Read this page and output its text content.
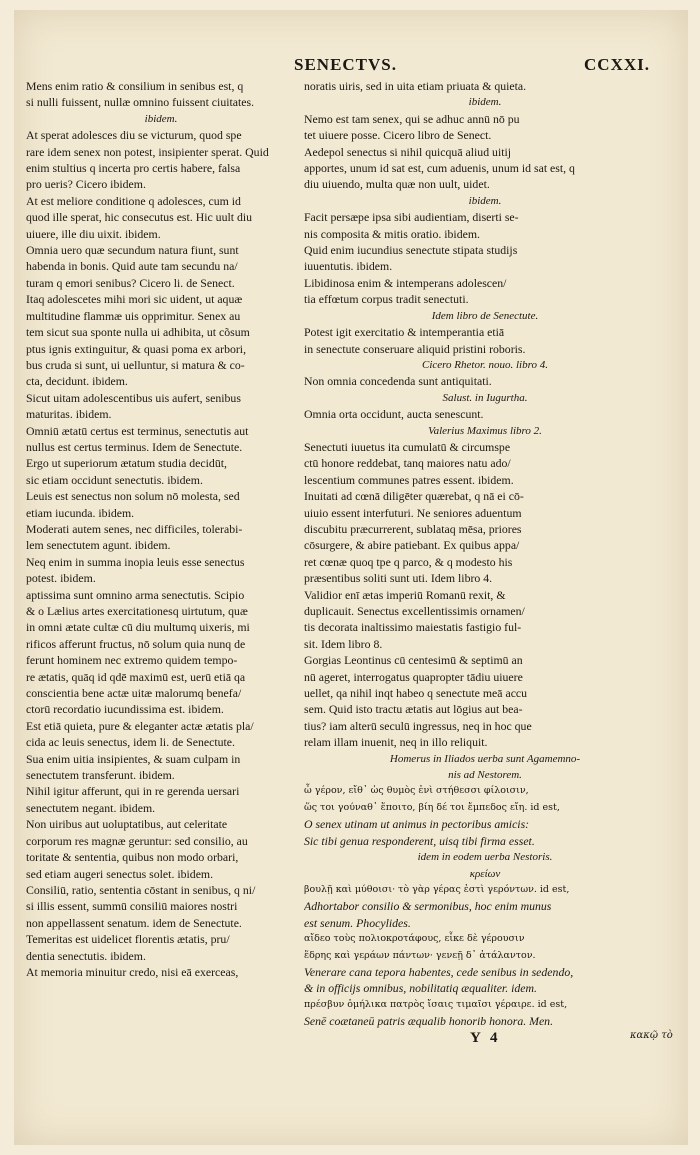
SENECTVS.	CCXXI.
Mens enim ratio & consilium in senibus est, q
si nulli fuissent, nullæ omnino fuissent ciuitates.
ibidem.
At sperat adolesces diu se victurum, quod spe
rare idem senex non potest, insipienter sperat. Quid
enim stultius q incerta pro certis habere, falsa
pro ueris? Cicero ibidem.
At est meliore conditione q adolesces, cum id
quod ille sperat, hic consecutus est. Hic uult diu
uiuere, ille diu uixit. ibidem.
Omnia uero quæ secundum natura fiunt, sunt
habenda in bonis. Quid aute tam secundu na/
turam q emori senibus? Cicero li. de Senect.
Itaq adolescetes mihi mori sic uident, ut aquæ
multitudine flammæ uis opprimitur. Senex au
tem sicut sua sponte nulla ui adhibita, ut cõsum
ptus ignis extinguitur, & quasi poma ex arbori,
bus cruda si sunt, ui uelluntur, si matura & co-
cta, decidunt. ibidem.
Sicut uitam adolescentibus uis aufert, senibus
maturitas. ibidem.
Omniū ætatū certus est terminus, senectutis aut
nullus est certus terminus. Idem de Senectute.
Ergo ut superiorum ætatum studia decidūt,
sic etiam occidunt senectutis. ibidem.
Leuis est senectus non solum nō molesta, sed
etiam iucunda. ibidem.
Moderati autem senes, nec difficiles, tolerabi-
lem senectutem agunt. ibidem.
Neq enim in summa inopia leuis esse senectus
potest. ibidem.
aptissima sunt omnino arma senectutis. Scipio
& o Lælius artes exercitationesq uirtutum, quæ
in omni ætate cultæ cū diu multumq uixeris, mi
rificos afferunt fructus, nō solum quia nunq de
ferunt hominem nec extremo quidem tempo-
re ætatis, quāq id qdē maximū est, uerū etiā qa
conscientia bene actæ uitæ malorumq benefa/
ctorū recordatio iucundissima est. ibidem.
Est etiā quieta, pure & eleganter actæ ætatis pla/
cida ac leuis senectus, idem li. de Senectute.
Sua enim uitia insipientes, & suam culpam in
senectutem transferunt. ibidem.
Nihil igitur afferunt, qui in re gerenda uersari
senectutem negant. ibidem.
Non uiribus aut uoluptatibus, aut celeritate
corporum res magnæ geruntur: sed consilio, au
toritate & sententia, quibus non modo orbari,
sed etiam augeri senectus solet. ibidem.
Consiliū, ratio, sententia cōstant in senibus, q ni/
si illis essent, summū consiliū maiores nostri
non appellassent senatum. idem de Senectute.
Temeritas est uidelicet florentis ætatis, pru/
dentia senectutis. ibidem.
At memoria minuitur credo, nisi eā exerceas,
noratis uiris, sed in uita etiam priuata & quieta.
ibidem.
Nemo est tam senex, qui se adhuc annū nō pu
tet uiuere posse. Cicero libro de Senect.
Aedepol senectus si nihil quicquā aliud uitij
apportes, unum id sat est, cum aduenis, unum id sat est, q
diu uiuendo, multa quæ non uult, uidet.
ibidem.
Facit persæpe ipsa sibi audientiam, diserti se-
nis composita & mitis oratio. ibidem.
Quid enim iucundius senectute stipata studijs
iuuentutis. ibidem.
Libidinosa enim & intemperans adolescen/
tia effœtum corpus tradit senectuti.
Idem libro de Senectute.
Potest igit exercitatio & intemperantia etiā
in senectute conseruare aliquid pristini roboris.
Cicero Rhetor. nouo. libro 4.
Non omnia concedenda sunt antiquitati.
Salust. in Iugurtha.
Omnia orta occidunt, aucta senescunt.
Valerius Maximus libro 2.
Senectuti iuuetus ita cumulatū & circumspe
ctū honore reddebat, tanq maiores natu ado/
lescentium communes patres essent. ibidem.
Inuitati ad cœnā diligēter quærebat, q nā ei cō-
uiuio essent interfuturi. Ne seniores aduentum
discubitu præcurrerent, sublataq mēsa, priores
cōsurgere, & abire patiebant. Ex quibus appa/
ret cœnæ quoq tpe q parco, & q modesto his
præsentibus soliti sunt uti. Idem libro 4.
Validior enī ætas imperiū Romanū rexit, &
duplicauit. Senectus excellentissimis ornamen/
tis decorata inaltissimo maiestatis fastigio ful-
sit. Idem libro 8.
Gorgias Leontinus cū centesimū & septimū an
nū ageret, interrogatus quapropter tādiu uiuere
uellet, qa nihil inqt habeo q senectute meā accu
sem. Quid isto tractu ætatis aut lōgius aut bea-
tius? iam alterū seculū ingressus, neq in hoc que
relam illam inuenit, neq in illo reliquit.
Homerus in Iliados uerba sunt Agamemno-
nis ad Nestorem.
ὦ γέρον, εἴθ᾽ ὡς θυμὸς ἐνὶ στήθεσσι φίλοισιν,
ὥς τοι γούναθ᾽ ἕποιτο, βίη δέ τοι ἔμπεδος εἴη. id est,
O senex utinam ut animus in pectoribus amicis:
Sic tibi genua responderent, uisq tibi firma esset.
idem in eodem uerba Nestoris.
κρείων
βουλῇ καὶ μύθοισι· τὸ γὰρ γέρας ἐστὶ γερόντων. id est,
Adhortabor consilio & sermonibus, hoc enim munus
est senum. Phocylides.
αἴδεο τοὺς πολιοκροτάφους, εἶκε δὲ γέρουσιν
ἕδρης καὶ γεράων πάντων· γενεῇ δ᾽ ἀτάλαντον.
Venerare cana tepora habentes, cede senibus in sedendo,
& in officijs omnibus, nobilitatiq æqualiter. idem.
πρέσβυν ὁμήλικα πατρὸς ἴσαις τιμαῖσι γέραιρε. id est,
Senē coætaneū patris æqualib honorib honora. Men.
Y 4	κακῷ τὸ
